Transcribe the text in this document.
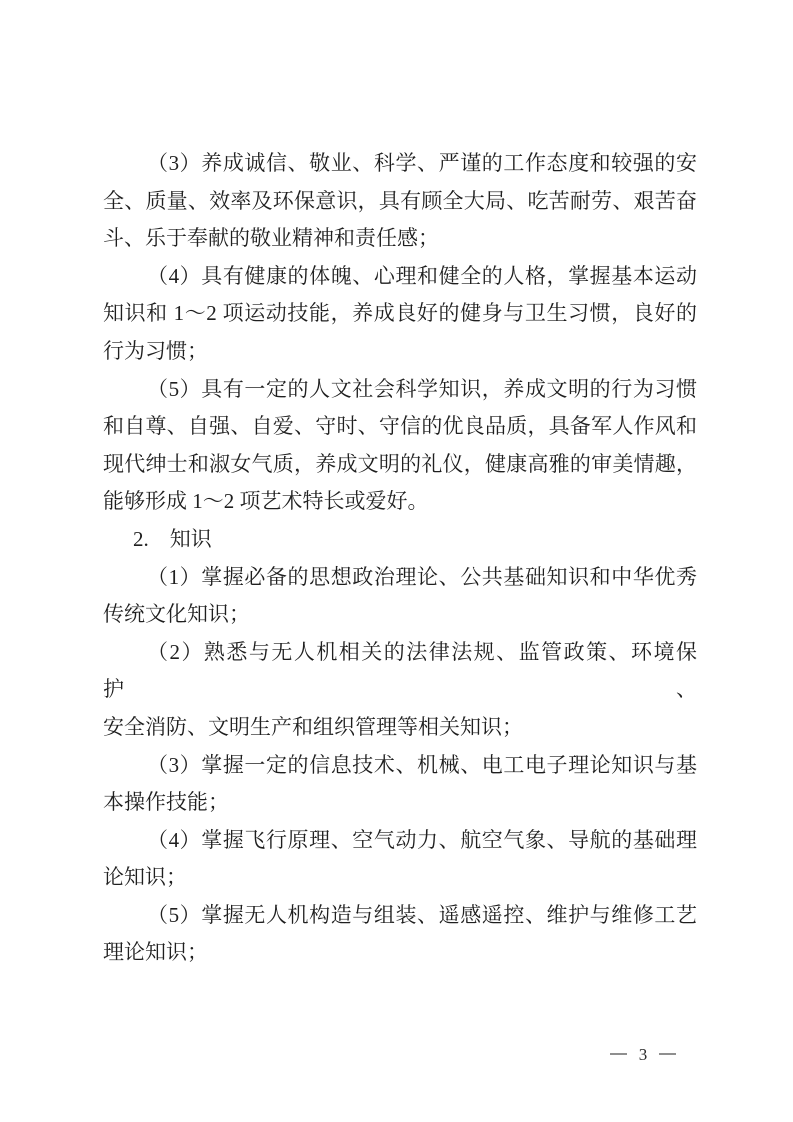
（3）养成诚信、敬业、科学、严谨的工作态度和较强的安
全、质量、效率及环保意识，具有顾全大局、吃苦耐劳、艰苦奋
斗、乐于奉献的敬业精神和责任感；
（4）具有健康的体魄、心理和健全的人格，掌握基本运动
知识和 1～2 项运动技能，养成良好的健身与卫生习惯，良好的
行为习惯；
（5）具有一定的人文社会科学知识，养成文明的行为习惯
和自尊、自强、自爱、守时、守信的优良品质，具备军人作风和
现代绅士和淑女气质，养成文明的礼仪，健康高雅的审美情趣，
能够形成 1～2 项艺术特长或爱好。
2.　知识
（1）掌握必备的思想政治理论、公共基础知识和中华优秀
传统文化知识；
（2）熟悉与无人机相关的法律法规、监管政策、环境保护、
安全消防、文明生产和组织管理等相关知识；
（3）掌握一定的信息技术、机械、电工电子理论知识与基
本操作技能；
（4）掌握飞行原理、空气动力、航空气象、导航的基础理
论知识；
（5）掌握无人机构造与组装、遥感遥控、维护与维修工艺
理论知识；
3
